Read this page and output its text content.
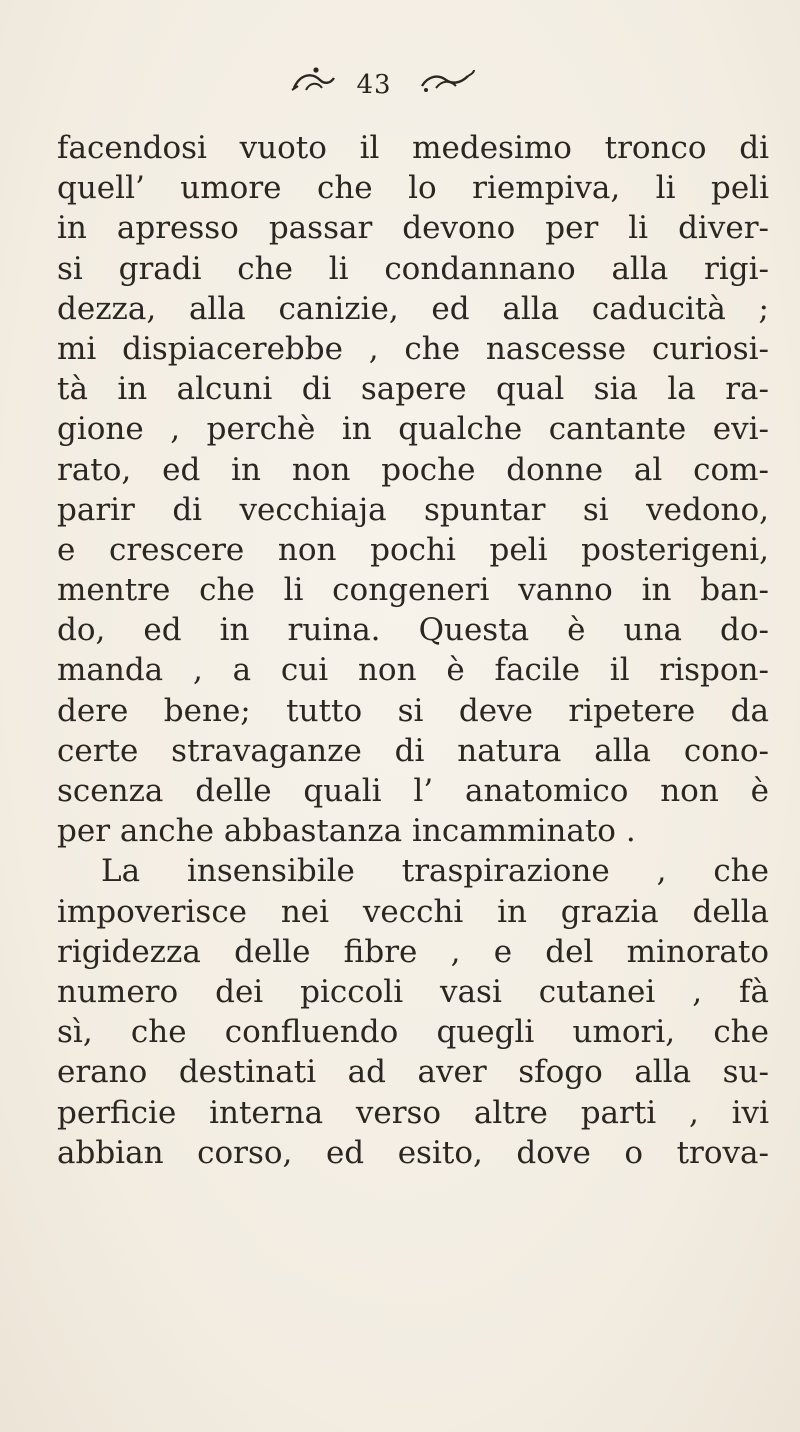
43
facendosi vuoto il medesimo tronco di
quell’ umore che lo riempiva, li peli
in apresso passar devono per li diver-
si gradi che li condannano alla rigi-
dezza, alla canizie, ed alla caducità ;
mi dispiacerebbe , che nascesse curiosi-
tà in alcuni di sapere qual sia la ra-
gione , perchè in qualche cantante evi-
rato, ed in non poche donne al com-
parir di vecchiaja spuntar si vedono,
e crescere non pochi peli posterigeni,
mentre che li congeneri vanno in ban-
do, ed in ruina. Questa è una do-
manda , a cui non è facile il rispon-
dere bene; tutto si deve ripetere da
certe stravaganze di natura alla cono-
scenza delle quali l’ anatomico non è
per anche abbastanza incamminato .
La insensibile traspirazione , che
impoverisce nei vecchi in grazia della
rigidezza delle fibre , e del minorato
numero dei piccoli vasi cutanei , fà
sì, che confluendo quegli umori, che
erano destinati ad aver sfogo alla su-
perficie interna verso altre parti , ivi
abbian corso, ed esito, dove o trova-
